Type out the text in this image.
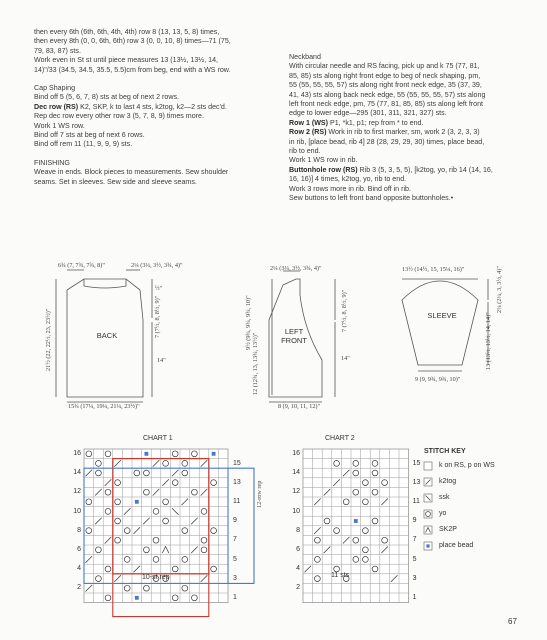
then every 6th (6th, 6th, 4th, 4th) row 8 (13, 13, 5, 8) times,

then every 8th (0, 0, 6th, 6th) row 3 (0, 0, 10, 8) times—71 (75,

79, 83, 87) sts.

Work even in St st until piece measures 13 (13½, 13½, 14,

14)"/33 (34.5, 34.5, 35.5, 5.5)cm from beg, end with a WS row.

Cap Shaping

Bind off 5 (5, 6, 7, 8) sts at beg of next 2 rows.

Dec row (RS) K2, SKP, k to last 4 sts, k2tog, k2—2 sts dec'd.

Rep dec row every other row 3 (5, 7, 8, 9) times more.

Work 1 WS row.

Bind off 7 sts at beg of next 6 rows.

Bind off rem 11 (11, 9, 9, 9) sts.

FINISHING

Weave in ends. Block pieces to measurements. Sew shoulder

seams. Set in sleeves. Sew side and sleeve seams.

Neckband

With circular needle and RS facing, pick up and k 75 (77, 81,

85, 85) sts along right front edge to beg of neck shaping, pm,

55 (55, 55, 55, 57) sts along right front neck edge, 35 (37, 39,

41, 43) sts along back neck edge, 55 (55, 55, 55, 57) sts along

left front neck edge, pm, 75 (77, 81, 85, 85) sts along left front

edge to lower edge—295 (301, 311, 321, 327) sts.

Row 1 (WS) P1, *k1, p1; rep from * to end.

Row 2 (RS) Work in rib to first marker, sm, work 2 (3, 2, 3, 3)

in rib, [place bead, rib 4] 28 (28, 29, 29, 30) times, place bead,

rib to end.

Work 1 WS row in rib.

Buttonhole row (RS) Rib 3 (5, 3, 5, 5), [k2tog, yo, rib 14 (14, 16,

16, 16)] 4 times, k2tog, yo, rib to end.

Work 3 rows more in rib. Bind off in rib.

Sew buttons to left front band opposite buttonholes.•

6¾ (7, 7¾, 7¾, 8)"	2¼ (3¼, 3½, 3¾, 4)"
½"
7 (7½, 8, 8½, 9)"
14"
21½ (22, 22½, 23, 23½)"
15¾ (17¼, 19¼, 21¼, 23½)"
BACK
2¼ (3¼, 3½, 3¾, 4)"
9½ (9¾, 9¾, 9¾, 10)"	7 (7½, 8, 8½, 9)"
14"
12 (12¾, 13, 13¾, 13½)"
8 (9, 10, 11, 12)"
LEFT
FRONT
13½ (14½, 15, 15¼, 16)"	2¼ (2¼, 3, 3½, 4)"
13 (13½, 13½, 14, 14)"
9 (9, 9¾, 9¾, 10)"
SLEEVE
CHART 1
16
14
12
10
8
6
4
2
15
13
11
9
7
5
3
1
12-row rep
10-st rep
CHART 2
16
14
12
10
8
6
4
2
15
13
11
9
7
5
3
1
11 sts
STITCH KEY
k on RS, p on WS
k2tog
ssk
yo
SK2P
place bead
67
